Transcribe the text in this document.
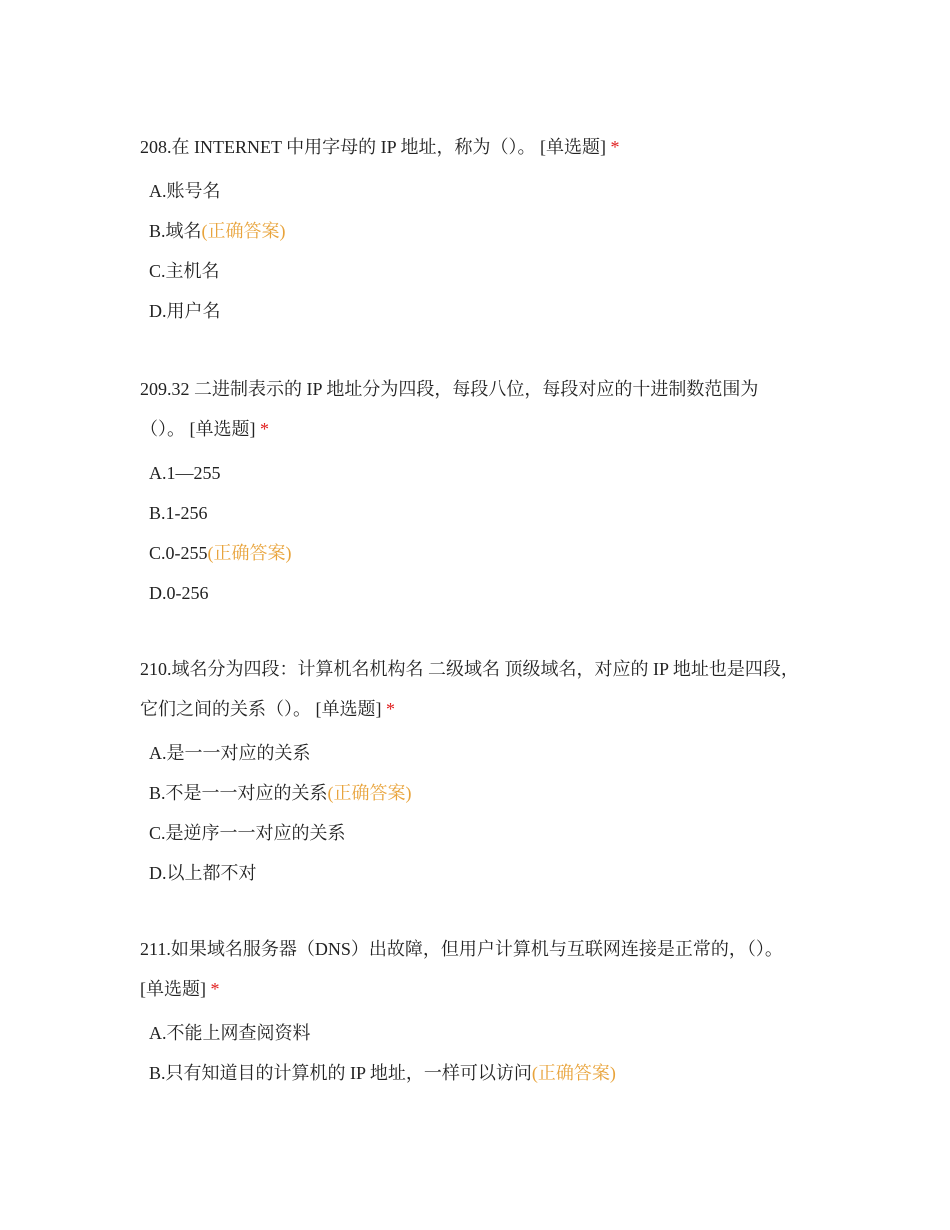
208.在 INTERNET 中用字母的 IP 地址，称为（）。 [单选题] *

A.账号名
B.域名(正确答案)
C.主机名
D.用户名

209.32 二进制表示的 IP 地址分为四段，每段八位，每段对应的十进制数范围为（）。 [单选题] *

A.1—255
B.1-256
C.0-255(正确答案)
D.0-256

210.域名分为四段：计算机名机构名 二级域名 顶级域名，对应的 IP 地址也是四段，它们之间的关系（）。 [单选题] *

A.是一一对应的关系
B.不是一一对应的关系(正确答案)
C.是逆序一一对应的关系
D.以上都不对

211.如果域名服务器（DNS）出故障，但用户计算机与互联网连接是正常的，（）。 [单选题] *

A.不能上网查阅资料
B.只有知道目的计算机的 IP 地址，一样可以访问(正确答案)
